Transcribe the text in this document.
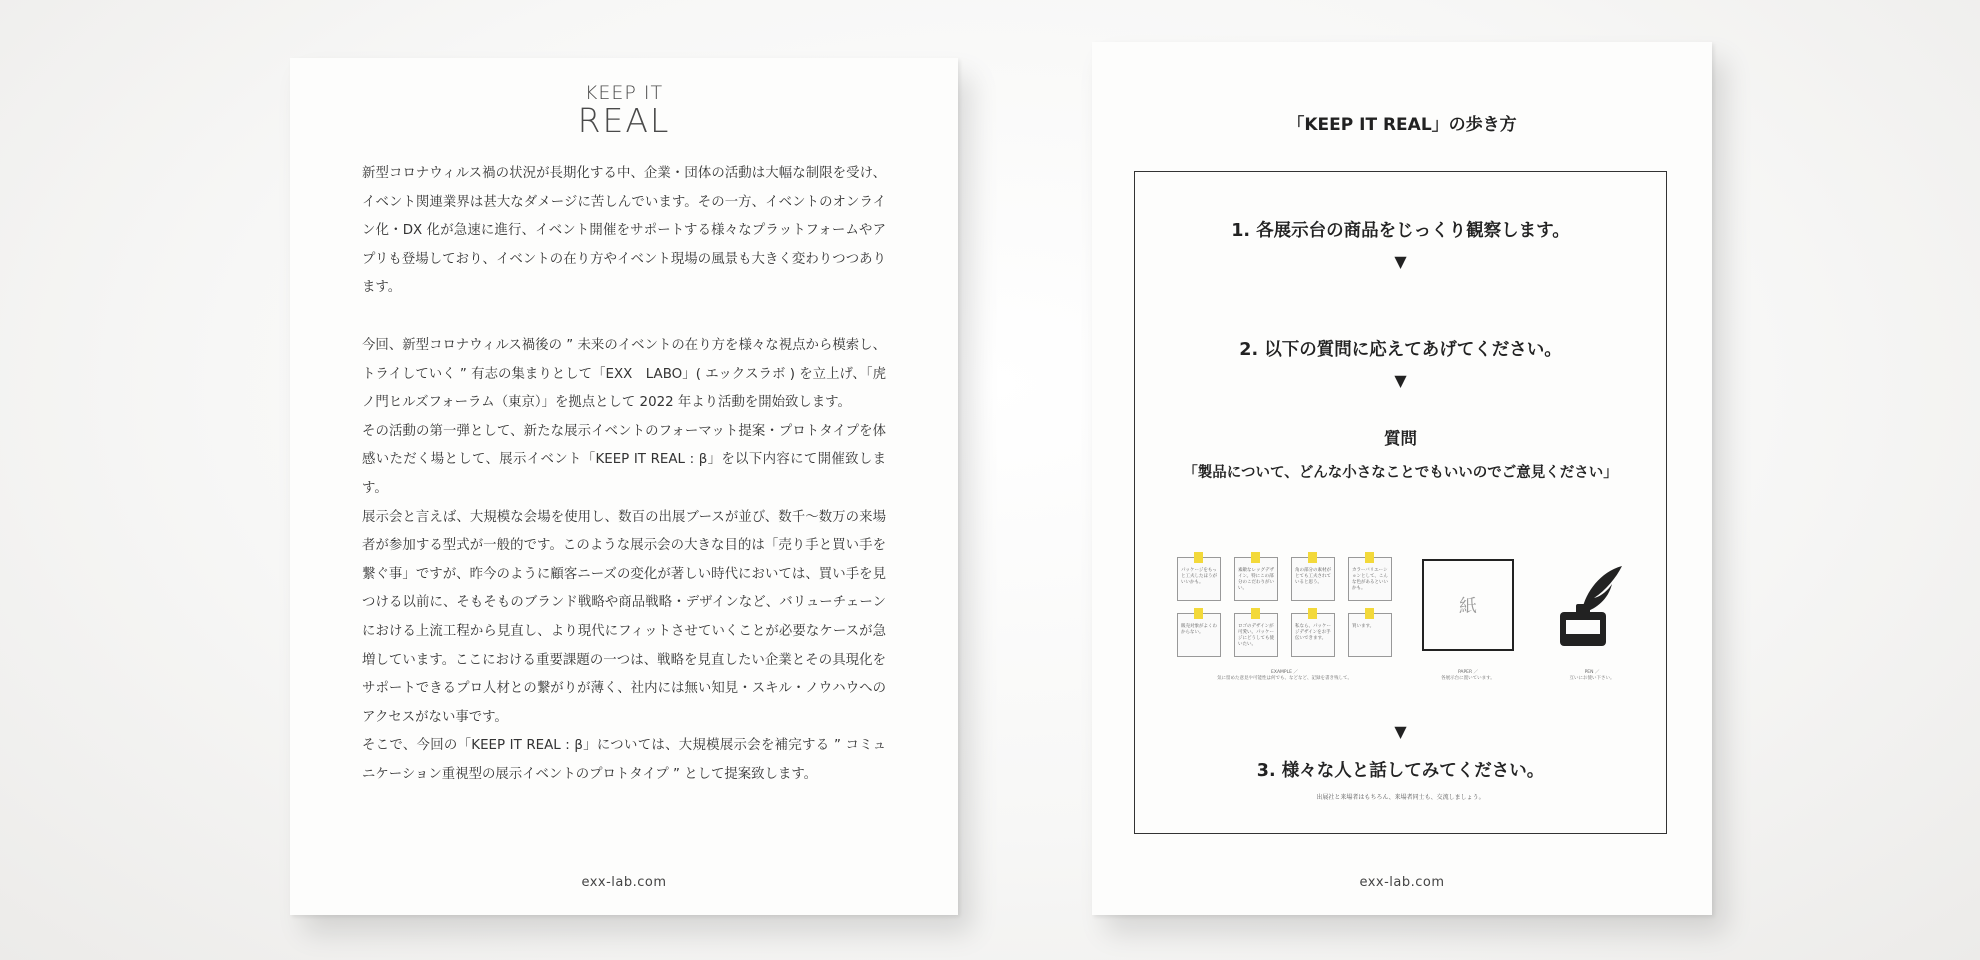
KEEP IT
REAL

新型コロナウィルス禍の状況が長期化する中、企業・団体の活動は大幅な制限を受け、イベント関連業界は甚大なダメージに苦しんでいます。その一方、イベントのオンライン化・DX 化が急速に進行、イベント開催をサポートする様々なプラットフォームやアプリも登場しており、イベントの在り方やイベント現場の風景も大きく変わりつつあります。

今回、新型コロナウィルス禍後の ” 未来のイベントの在り方を様々な視点から模索し、トライしていく ” 有志の集まりとして「EXX　LABO」( エックスラボ ) を立上げ、「虎ノ門ヒルズフォーラム（東京）」を拠点として 2022 年より活動を開始致します。

その活動の第一弾として、新たな展示イベントのフォーマット提案・プロトタイプを体感いただく場として、展示イベント「KEEP IT REAL : β」を以下内容にて開催致します。

展示会と言えば、大規模な会場を使用し、数百の出展ブースが並び、数千～数万の来場者が参加する型式が一般的です。このような展示会の大きな目的は「売り手と買い手を繋ぐ事」ですが、昨今のように顧客ニーズの変化が著しい時代においては、買い手を見つける以前に、そもそものブランド戦略や商品戦略・デザインなど、バリューチェーンにおける上流工程から見直し、より現代にフィットさせていくことが必要なケースが急増しています。ここにおける重要課題の一つは、戦略を見直したい企業とその具現化をサポートできるプロ人材との繋がりが薄く、社内には無い知見・スキル・ノウハウへのアクセスがない事です。

そこで、今回の「KEEP IT REAL : β」については、大規模展示会を補完する ” コミュニケーション重視型の展示イベントのプロトタイプ ” として提案致します。

exx-lab.com
「KEEP IT REAL」の歩き方
1. 各展示台の商品をじっくり観察します。
▼
2. 以下の質問に応えてあげてください。
▼
質問
「製品について、どんな小さなことでもいいのでご意見ください」
パッケージをもっと工夫したほうがいいかも。
素敵なレッグデザイン。特にこの部分のこだわりがいい。
角の部分の素材がとても工夫されていると思う。
カラーバリエーションとして、こんな色があるといいかも。
販売対象がよくわからない。
ロゴのデザインが可愛い。パッケージにどうしても使いたい。
私なら、パッケージデザインをお手伝いできます。
買います。
EXAMPLE ／
気に留めた意見や可能性は何でも、などなど、記録を書き残して。
紙
PAPER ／
各展示台に置いています。
PEN ／
互いにお使い下さい。
▼
3. 様々な人と話してみてください。
出展社と来場者はもちろん、来場者同士も、交流しましょう。
exx-lab.com
